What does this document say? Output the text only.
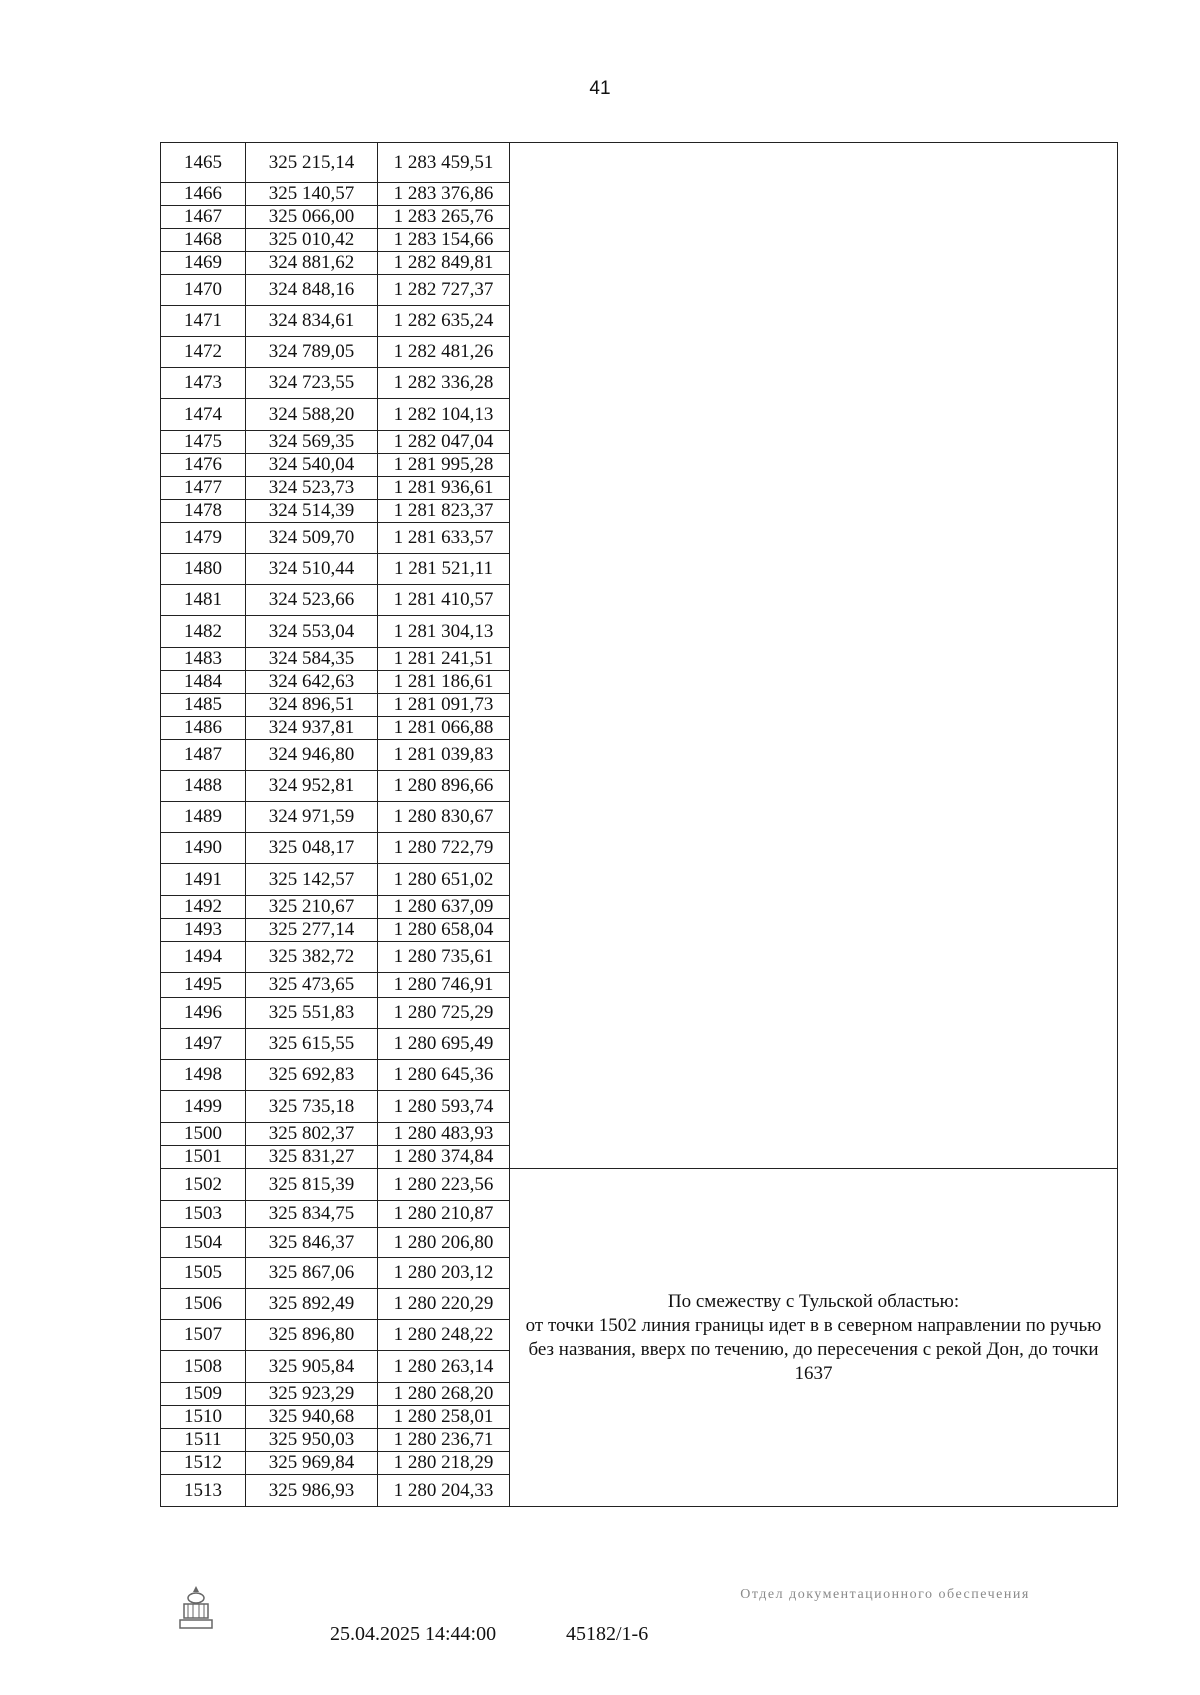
41
1465	325 215,14	1 283 459,51	
1466	325 140,57	1 283 376,86	
1467	325 066,00	1 283 265,76	
1468	325 010,42	1 283 154,66	
1469	324 881,62	1 282 849,81	
1470	324 848,16	1 282 727,37	
1471	324 834,61	1 282 635,24	
1472	324 789,05	1 282 481,26	
1473	324 723,55	1 282 336,28	
1474	324 588,20	1 282 104,13	
1475	324 569,35	1 282 047,04	
1476	324 540,04	1 281 995,28	
1477	324 523,73	1 281 936,61	
1478	324 514,39	1 281 823,37	
1479	324 509,70	1 281 633,57	
1480	324 510,44	1 281 521,11	
1481	324 523,66	1 281 410,57	
1482	324 553,04	1 281 304,13	
1483	324 584,35	1 281 241,51	
1484	324 642,63	1 281 186,61	
1485	324 896,51	1 281 091,73	
1486	324 937,81	1 281 066,88	
1487	324 946,80	1 281 039,83	
1488	324 952,81	1 280 896,66	
1489	324 971,59	1 280 830,67	
1490	325 048,17	1 280 722,79	
1491	325 142,57	1 280 651,02	
1492	325 210,67	1 280 637,09	
1493	325 277,14	1 280 658,04	
1494	325 382,72	1 280 735,61	
1495	325 473,65	1 280 746,91	
1496	325 551,83	1 280 725,29	
1497	325 615,55	1 280 695,49	
1498	325 692,83	1 280 645,36	
1499	325 735,18	1 280 593,74	
1500	325 802,37	1 280 483,93	
1501	325 831,27	1 280 374,84	
1502	325 815,39	1 280 223,56	По смежеству с Тульской областью:
от точки 1502 линия границы идет в в северном направлении по ручью без названия, вверх по течению, до пересечения с рекой Дон, до точки 1637

1503	325 834,75	1 280 210,87	
1504	325 846,37	1 280 206,80	
1505	325 867,06	1 280 203,12	
1506	325 892,49	1 280 220,29	
1507	325 896,80	1 280 248,22	
1508	325 905,84	1 280 263,14	
1509	325 923,29	1 280 268,20	
1510	325 940,68	1 280 258,01	
1511	325 950,03	1 280 236,71	
1512	325 969,84	1 280 218,29	
1513	325 986,93	1 280 204,33	
25.04.2025 14:44:00	45182/1-6
Отдел документационного обеспечения
